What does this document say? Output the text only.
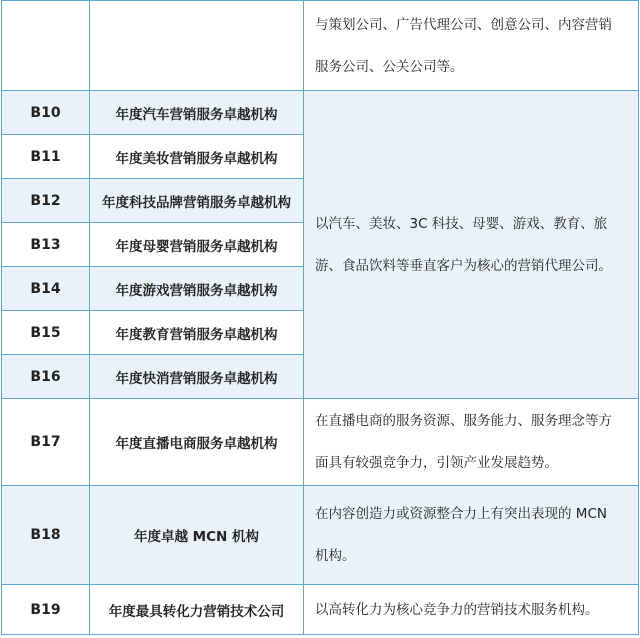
		与策划公司、广告代理公司、创意公司、内容营销
服务公司、公关公司等。

B10	年度汽车营销服务卓越机构	以汽车、美妆、3C 科技、母婴、游戏、教育、旅
游、食品饮料等垂直客户为核心的营销代理公司。

B11	年度美妆营销服务卓越机构	
B12	年度科技品牌营销服务卓越机构	
B13	年度母婴营销服务卓越机构	
B14	年度游戏营销服务卓越机构	
B15	年度教育营销服务卓越机构	
B16	年度快消营销服务卓越机构	
B17	年度直播电商服务卓越机构	在直播电商的服务资源、服务能力、服务理念等方
面具有较强竞争力，引领产业发展趋势。

B18	年度卓越 MCN 机构	在内容创造力或资源整合力上有突出表现的 MCN
机构。

B19	年度最具转化力营销技术公司	以高转化力为核心竞争力的营销技术服务机构。
